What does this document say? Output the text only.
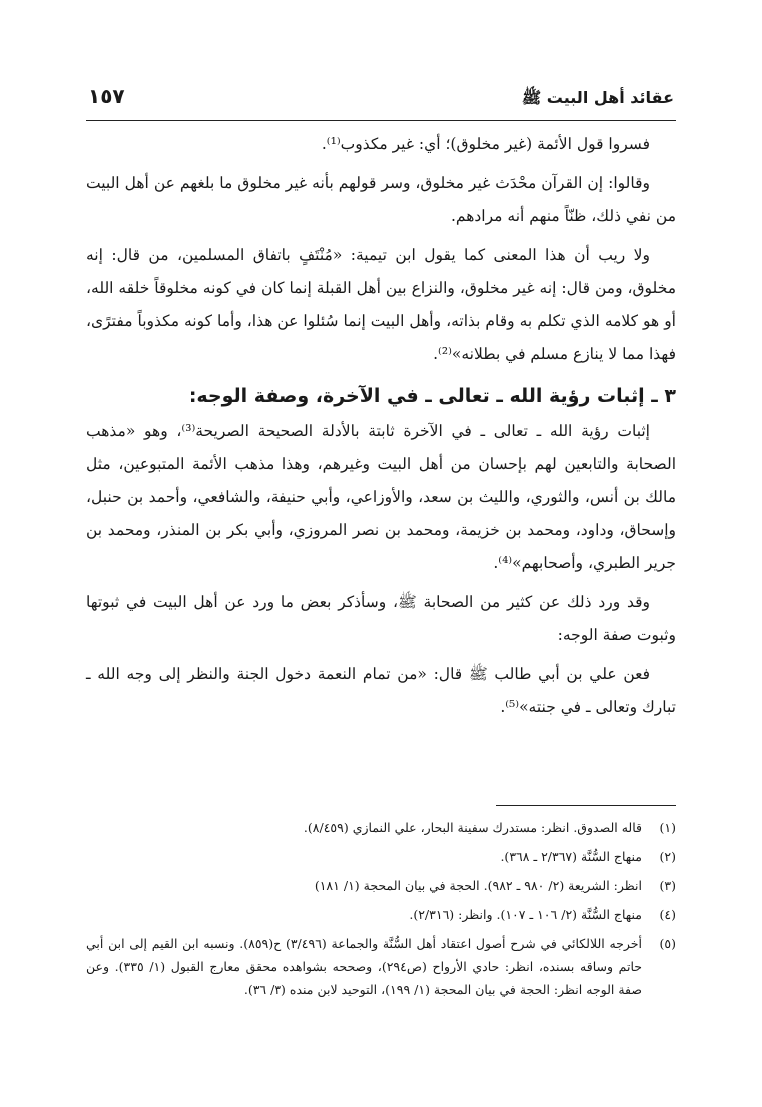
عقائد أهل البيت ﷺ
١٥٧

فسروا قول الأئمة (غير مخلوق)؛ أي: غير مكذوب⁽¹⁾.

وقالوا: إن القرآن محْدَث غير مخلوق، وسر قولهم بأنه غير مخلوق ما بلغهم عن أهل البيت من نفي ذلك، ظنّاً منهم أنه مرادهم.

ولا ريب أن هذا المعنى كما يقول ابن تيمية: «مُنْتَفٍ باتفاق المسلمين، من قال: إنه مخلوق، ومن قال: إنه غير مخلوق، والنزاع بين أهل القبلة إنما كان في كونه مخلوقاً خلقه الله، أو هو كلامه الذي تكلم به وقام بذاته، وأهل البيت إنما سُئلوا عن هذا، وأما كونه مكذوباً مفترًى، فهذا مما لا ينازع مسلم في بطلانه»⁽²⁾.

٣ ـ إثبات رؤية الله ـ تعالى ـ في الآخرة، وصفة الوجه:

إثبات رؤية الله ـ تعالى ـ في الآخرة ثابتة بالأدلة الصحيحة الصريحة⁽³⁾، وهو «مذهب الصحابة والتابعين لهم بإحسان من أهل البيت وغيرهم، وهذا مذهب الأئمة المتبوعين، مثل مالك بن أنس، والثوري، والليث بن سعد، والأوزاعي، وأبي حنيفة، والشافعي، وأحمد بن حنبل، وإسحاق، وداود، ومحمد بن خزيمة، ومحمد بن نصر المروزي، وأبي بكر بن المنذر، ومحمد بن جرير الطبري، وأصحابهم»⁽⁴⁾.

وقد ورد ذلك عن كثير من الصحابة ﷺ، وسأذكر بعض ما ورد عن أهل البيت في ثبوتها وثبوت صفة الوجه:

فعن علي بن أبي طالب ﷺ قال: «من تمام النعمة دخول الجنة والنظر إلى وجه الله ـ تبارك وتعالى ـ في جنته»⁽⁵⁾.

(١)
قاله الصدوق. انظر: مستدرك سفينة البحار، علي النمازي (٨/٤٥٩).
(٢)
منهاج السُّنَّة (٢/٣٦٧ ـ ٣٦٨).
(٣)
انظر: الشريعة (٢/ ٩٨٠ ـ ٩٨٢). الحجة في بيان المحجة (١/ ١٨١)
(٤)
منهاج السُّنَّة (٢/ ١٠٦ ـ ١٠٧). وانظر: (٢/٣١٦).
(٥)
أخرجه اللالكائي في شرح أصول اعتقاد أهل السُّنَّة والجماعة (٣/٤٩٦) ح(٨٥٩). ونسبه ابن القيم إلى ابن أبي حاتم وساقه بسنده، انظر: حادي الأرواح (ص٢٩٤)، وصححه بشواهده محقق معارج القبول (١/ ٣٣٥). وعن صفة الوجه انظر: الحجة في بيان المحجة (١/ ١٩٩)، التوحيد لابن منده (٣/ ٣٦).
